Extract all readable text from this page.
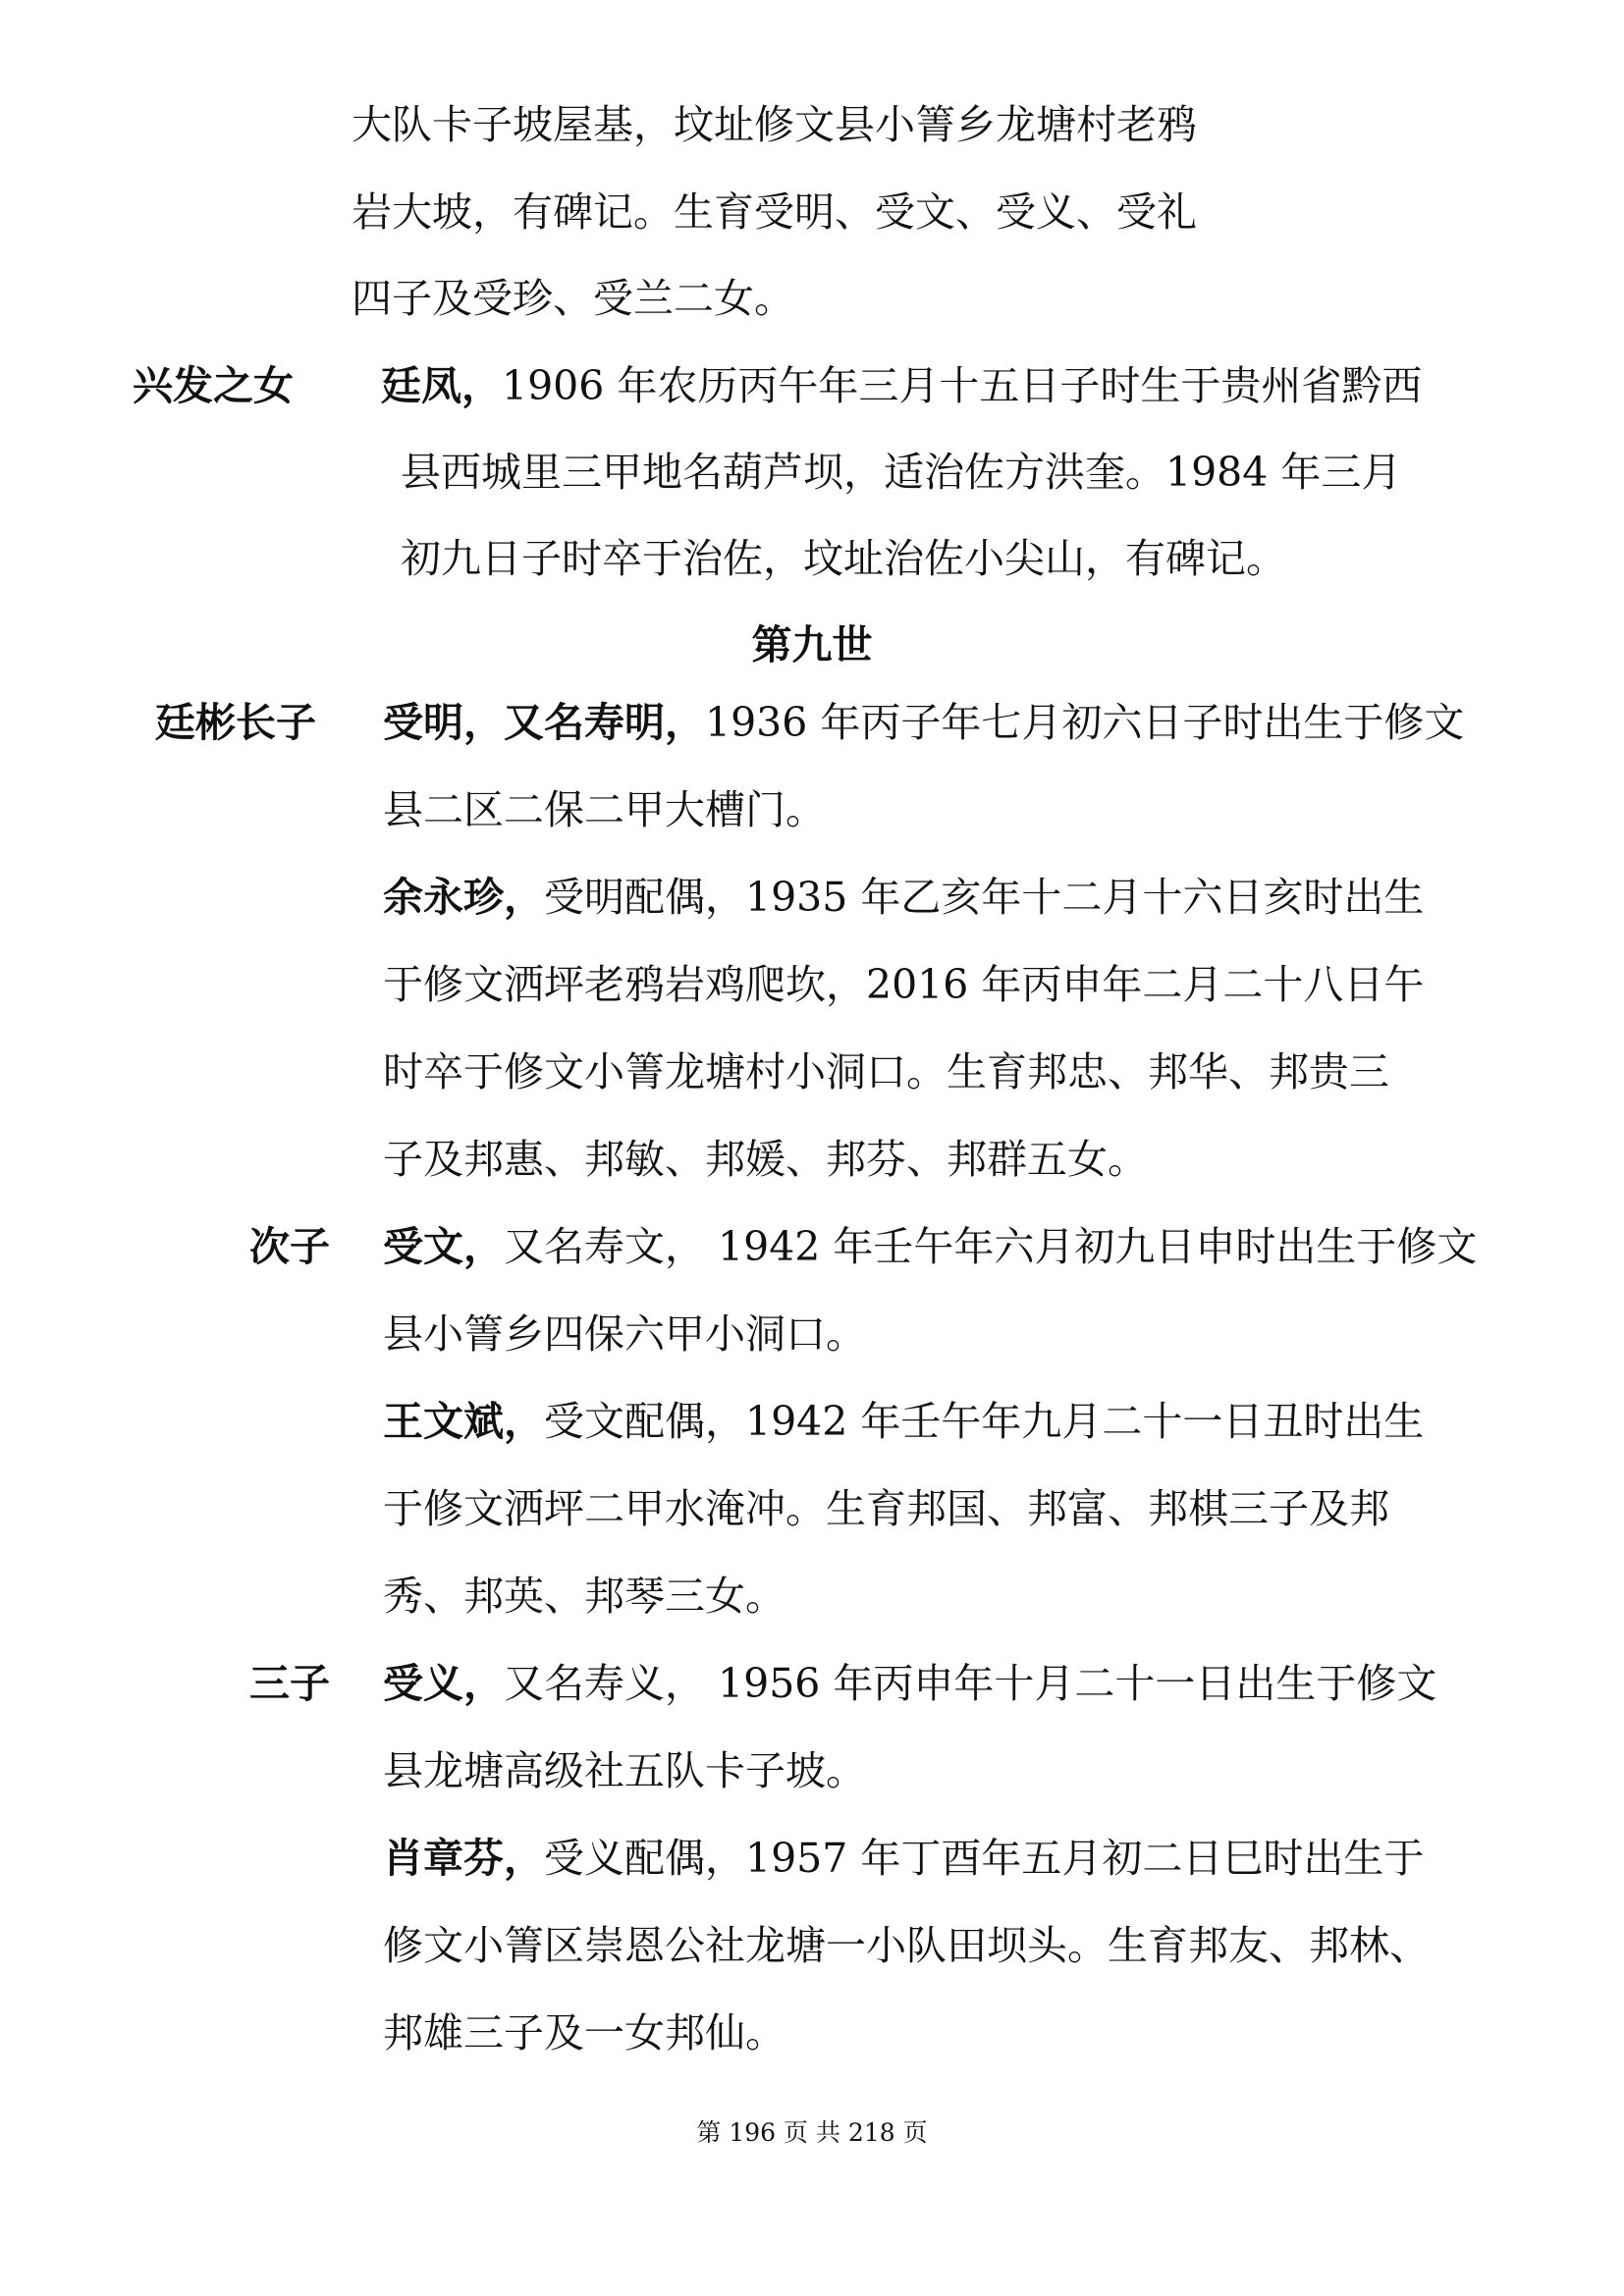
大队卡子坡屋基，坟址修文县小箐乡龙塘村老鸦
岩大坡，有碑记。生育受明、受文、受义、受礼
四子及受珍、受兰二女。
兴发之女 廷凤，1906 年农历丙午年三月十五日子时生于贵州省黔西
县西城里三甲地名葫芦坝，适治佐方洪奎。1984 年三月
初九日子时卒于治佐，坟址治佐小尖山，有碑记。
第九世
廷彬长子 受明，又名寿明，1936 年丙子年七月初六日子时出生于修文
县二区二保二甲大槽门。
余永珍，受明配偶，1935 年乙亥年十二月十六日亥时出生
于修文洒坪老鸦岩鸡爬坎，2016 年丙申年二月二十八日午
时卒于修文小箐龙塘村小洞口。生育邦忠、邦华、邦贵三
子及邦惠、邦敏、邦媛、邦芬、邦群五女。
次子 受文，又名寿文， 1942 年壬午年六月初九日申时出生于修文
县小箐乡四保六甲小洞口。
王文斌，受文配偶，1942 年壬午年九月二十一日丑时出生
于修文洒坪二甲水淹冲。生育邦国、邦富、邦棋三子及邦
秀、邦英、邦琴三女。
三子 受义，又名寿义， 1956 年丙申年十月二十一日出生于修文
县龙塘高级社五队卡子坡。
肖章芬，受义配偶，1957 年丁酉年五月初二日巳时出生于
修文小箐区崇恩公社龙塘一小队田坝头。生育邦友、邦林、
邦雄三子及一女邦仙。
第 196 页 共 218 页
